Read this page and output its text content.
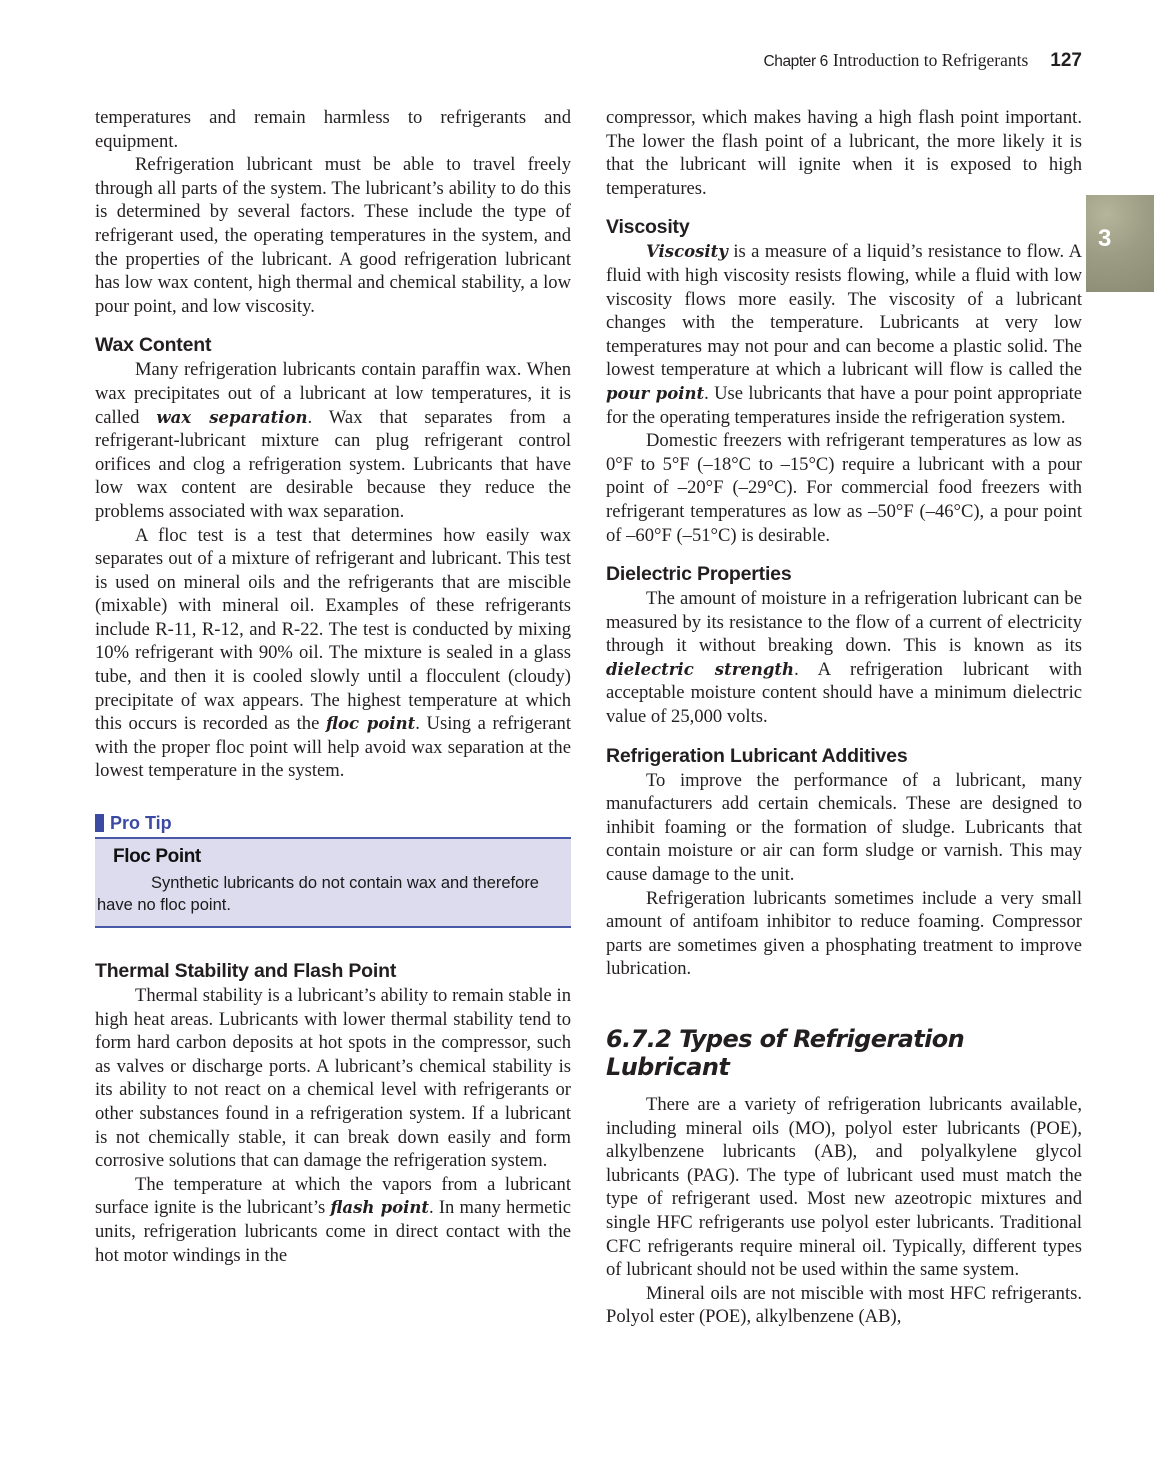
Chapter 6 Introduction to Refrigerants 127
3

temperatures and remain harmless to refrigerants and equipment.

Refrigeration lubricant must be able to travel freely through all parts of the system. The lubricant’s ability to do this is determined by several factors. These include the type of refrigerant used, the operating temperatures in the system, and the properties of the lubricant. A good refrigeration lubricant has low wax content, high thermal and chemical stability, a low pour point, and low viscosity.

Wax Content

Many refrigeration lubricants contain paraffin wax. When wax precipitates out of a lubricant at low temperatures, it is called wax separation. Wax that separates from a refrigerant-lubricant mixture can plug refrigerant control orifices and clog a refrigeration system. Lubricants that have low wax content are desirable because they reduce the problems associated with wax separation.

A floc test is a test that determines how easily wax separates out of a mixture of refrigerant and lubricant. This test is used on mineral oils and the refrigerants that are miscible (mixable) with mineral oil. Examples of these refrigerants include R-11, R-12, and R-22. The test is conducted by mixing 10% refrigerant with 90% oil. The mixture is sealed in a glass tube, and then it is cooled slowly until a flocculent (cloudy) precipitate of wax appears. The highest temperature at which this occurs is recorded as the floc point. Using a refrigerant with the proper floc point will help avoid wax separation at the lowest temperature in the system.

Pro Tip
Floc Point
Synthetic lubricants do not contain wax and therefore have no floc point.
Thermal Stability and Flash Point

Thermal stability is a lubricant’s ability to remain stable in high heat areas. Lubricants with lower thermal stability tend to form hard carbon deposits at hot spots in the compressor, such as valves or discharge ports. A lubricant’s chemical stability is its ability to not react on a chemical level with refrigerants or other substances found in a refrigeration system. If a lubricant is not chemically stable, it can break down easily and form corrosive solutions that can damage the refrigeration system.

The temperature at which the vapors from a lubricant surface ignite is the lubricant’s flash point. In many hermetic units, refrigeration lubricants come in direct contact with the hot motor windings in the

compressor, which makes having a high flash point important. The lower the flash point of a lubricant, the more likely it is that the lubricant will ignite when it is exposed to high temperatures.

Viscosity

Viscosity is a measure of a liquid’s resistance to flow. A fluid with high viscosity resists flowing, while a fluid with low viscosity flows more easily. The viscosity of a lubricant changes with the temperature. Lubricants at very low temperatures may not pour and can become a plastic solid. The lowest temperature at which a lubricant will flow is called the pour point. Use lubricants that have a pour point appropriate for the operating temperatures inside the refrigeration system.

Domestic freezers with refrigerant temperatures as low as 0°F to 5°F (–18°C to –15°C) require a lubricant with a pour point of –20°F (–29°C). For commercial food freezers with refrigerant temperatures as low as –50°F (–46°C), a pour point of –60°F (–51°C) is desirable.

Dielectric Properties

The amount of moisture in a refrigeration lubricant can be measured by its resistance to the flow of a current of electricity through it without breaking down. This is known as its dielectric strength. A refrigeration lubricant with acceptable moisture content should have a minimum dielectric value of 25,000 volts.

Refrigeration Lubricant Additives

To improve the performance of a lubricant, many manufacturers add certain chemicals. These are designed to inhibit foaming or the formation of sludge. Lubricants that contain moisture or air can form sludge or varnish. This may cause damage to the unit.

Refrigeration lubricants sometimes include a very small amount of antifoam inhibitor to reduce foaming. Compressor parts are sometimes given a phosphating treatment to improve lubrication.

6.7.2 Types of Refrigeration Lubricant

There are a variety of refrigeration lubricants available, including mineral oils (MO), polyol ester lubricants (POE), alkylbenzene lubricants (AB), and polyalkylene glycol lubricants (PAG). The type of lubricant used must match the type of refrigerant used. Most new azeotropic mixtures and single HFC refrigerants use polyol ester lubricants. Traditional CFC refrigerants require mineral oil. Typically, different types of lubricant should not be used within the same system.

Mineral oils are not miscible with most HFC refrigerants. Polyol ester (POE), alkylbenzene (AB),
